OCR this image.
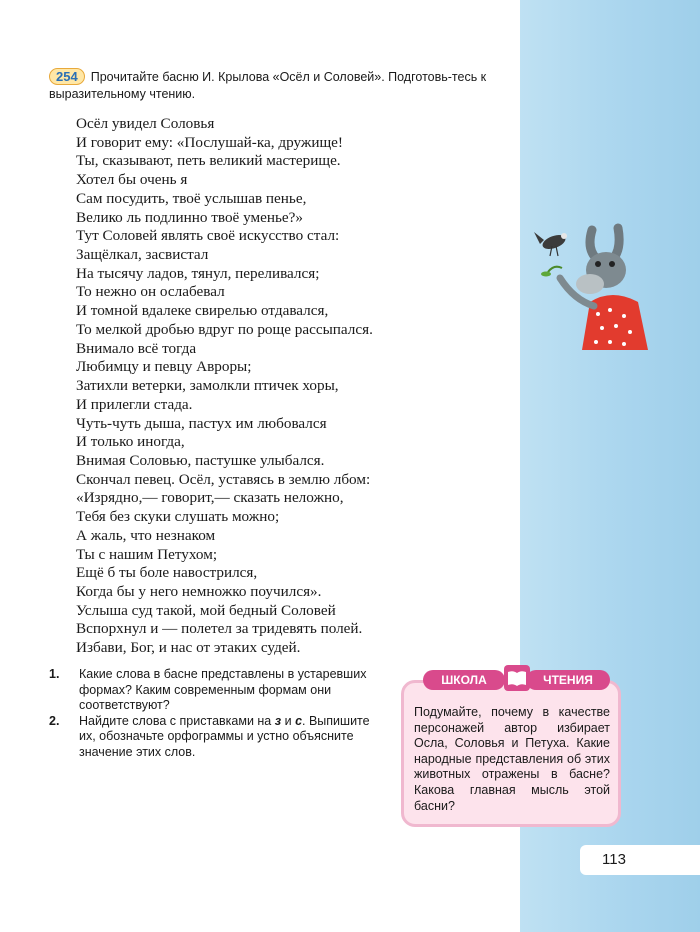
254 Прочитайте басню И. Крылова «Осёл и Соловей». Подготовь-тесь к выразительному чтению.
Осёл увидел Соловья
И говорит ему: «Послушай-ка, дружище!
Ты, сказывают, петь великий мастерище.
Хотел бы очень я
Сам посудить, твоё услышав пенье,
Велико ль подлинно твоё уменье?»
Тут Соловей являть своё искусство стал:
Защёлкал, засвистал
На тысячу ладов, тянул, переливался;
То нежно он ослабевал
И томной вдалеке свирелью отдавался,
То мелкой дробью вдруг по роще рассыпался.
Внимало всё тогда
Любимцу и певцу Авроры;
Затихли ветерки, замолкли птичек хоры,
И прилегли стада.
Чуть-чуть дыша, пастух им любовался
И только иногда,
Внимая Соловью, пастушке улыбался.
Скончал певец. Осёл, уставясь в землю лбом:
«Изрядно,— говорит,— сказать неложно,
Тебя без скуки слушать можно;
А жаль, что незнаком
Ты с нашим Петухом;
Ещё б ты боле навострился,
Когда бы у него немножко поучился».
Услыша суд такой, мой бедный Соловей
Вспорхнул и — полетел за тридевять полей.
Избави, Бог, и нас от этаких судей.
1. Какие слова в басне представлены в устаревших формах? Каким современным формам они соответствуют?
2. Найдите слова с приставками на з и с. Выпишите их, обозначьте орфограммы и устно объясните значение этих слов.
Подумайте, почему в качестве персонажей автор избирает Осла, Соловья и Петуха. Какие народные представления об этих животных отражены в басне? Какова главная мысль этой басни?
ШКОЛА	ЧТЕНИЯ
113
